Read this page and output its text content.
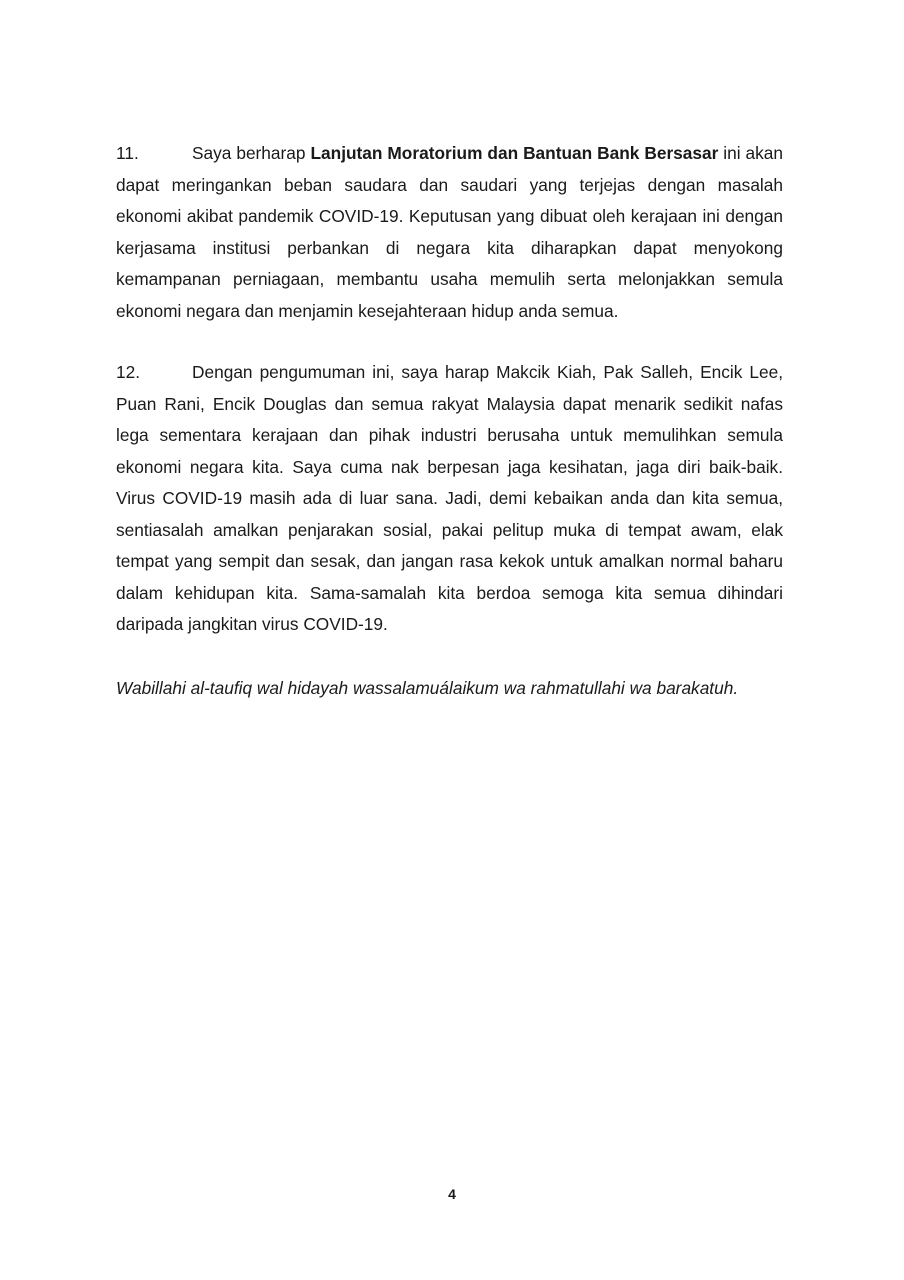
11.	Saya berharap Lanjutan Moratorium dan Bantuan Bank Bersasar ini akan dapat meringankan beban saudara dan saudari yang terjejas dengan masalah ekonomi akibat pandemik COVID-19. Keputusan yang dibuat oleh kerajaan ini dengan kerjasama institusi perbankan di negara kita diharapkan dapat menyokong kemampanan perniagaan, membantu usaha memulih serta melonjakkan semula ekonomi negara dan menjamin kesejahteraan hidup anda semua.

12.	Dengan pengumuman ini, saya harap Makcik Kiah, Pak Salleh, Encik Lee, Puan Rani, Encik Douglas dan semua rakyat Malaysia dapat menarik sedikit nafas lega sementara kerajaan dan pihak industri berusaha untuk memulihkan semula ekonomi negara kita. Saya cuma nak berpesan jaga kesihatan, jaga diri baik-baik. Virus COVID-19 masih ada di luar sana. Jadi, demi kebaikan anda dan kita semua, sentiasalah amalkan penjarakan sosial, pakai pelitup muka di tempat awam, elak tempat yang sempit dan sesak, dan jangan rasa kekok untuk amalkan normal baharu dalam kehidupan kita. Sama-samalah kita berdoa semoga kita semua dihindari daripada jangkitan virus COVID-19.

Wabillahi al-taufiq wal hidayah wassalamuálaikum wa rahmatullahi wa barakatuh.

4
